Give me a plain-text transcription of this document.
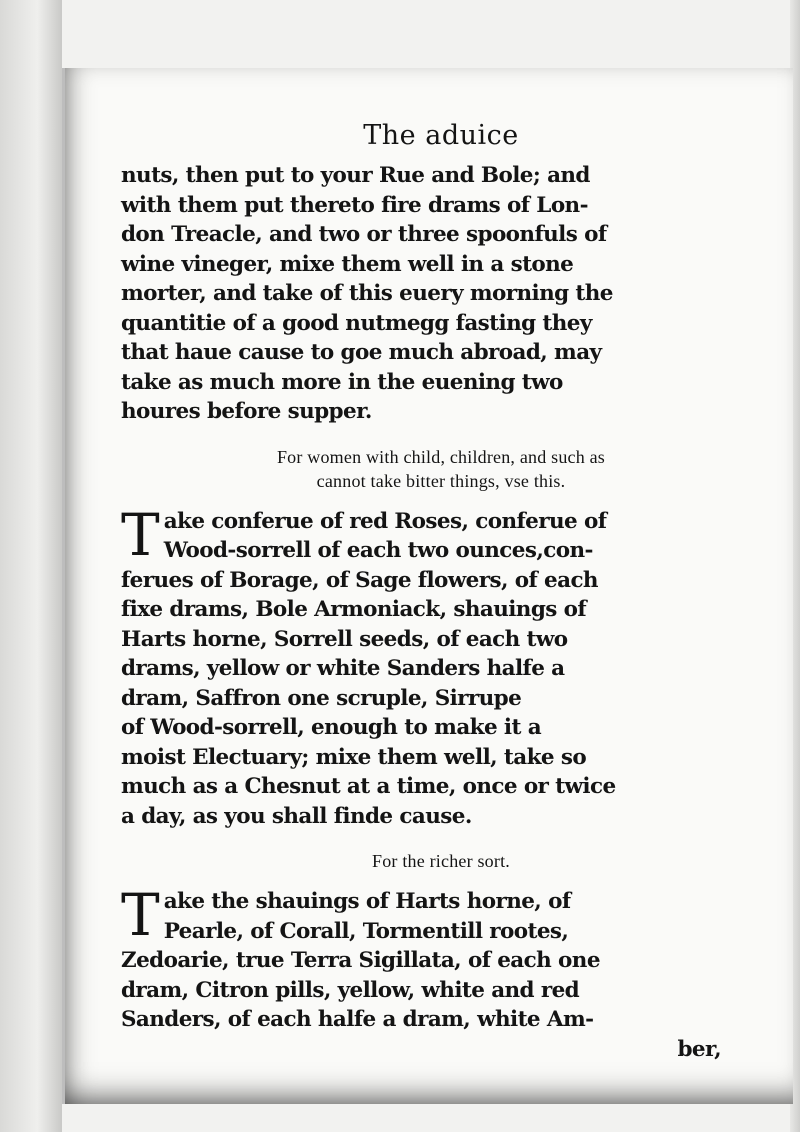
The aduice

nuts, then put to your Rue and Bole; and

with them put thereto fire drams of Lon-

don Treacle, and two or three spoonfuls of

wine vineger, mixe them well in a stone

morter, and take of this euery morning the

quantitie of a good nutmegg fasting they

that haue cause to goe much abroad, may

take as much more in the euening two

houres before supper.

For women with child, children, and such as

cannot take bitter things, vse this.

T ake conferue of red Roses, conferue of

Wood-sorrell of each two ounces,con-

ferues of Borage, of Sage flowers, of each

fixe drams, Bole Armoniack, shauings of

Harts horne, Sorrell seeds, of each two

drams, yellow or white Sanders halfe a

dram, Saffron one scruple, Sirrupe

of Wood-sorrell, enough to make it a

moist Electuary; mixe them well, take so

much as a Chesnut at a time, once or twice

a day, as you shall finde cause.

For the richer sort.

T ake the shauings of Harts horne, of

Pearle, of Corall, Tormentill rootes,

Zedoarie, true Terra Sigillata, of each one

dram, Citron pills, yellow, white and red

Sanders, of each halfe a dram, white Am-

ber,
